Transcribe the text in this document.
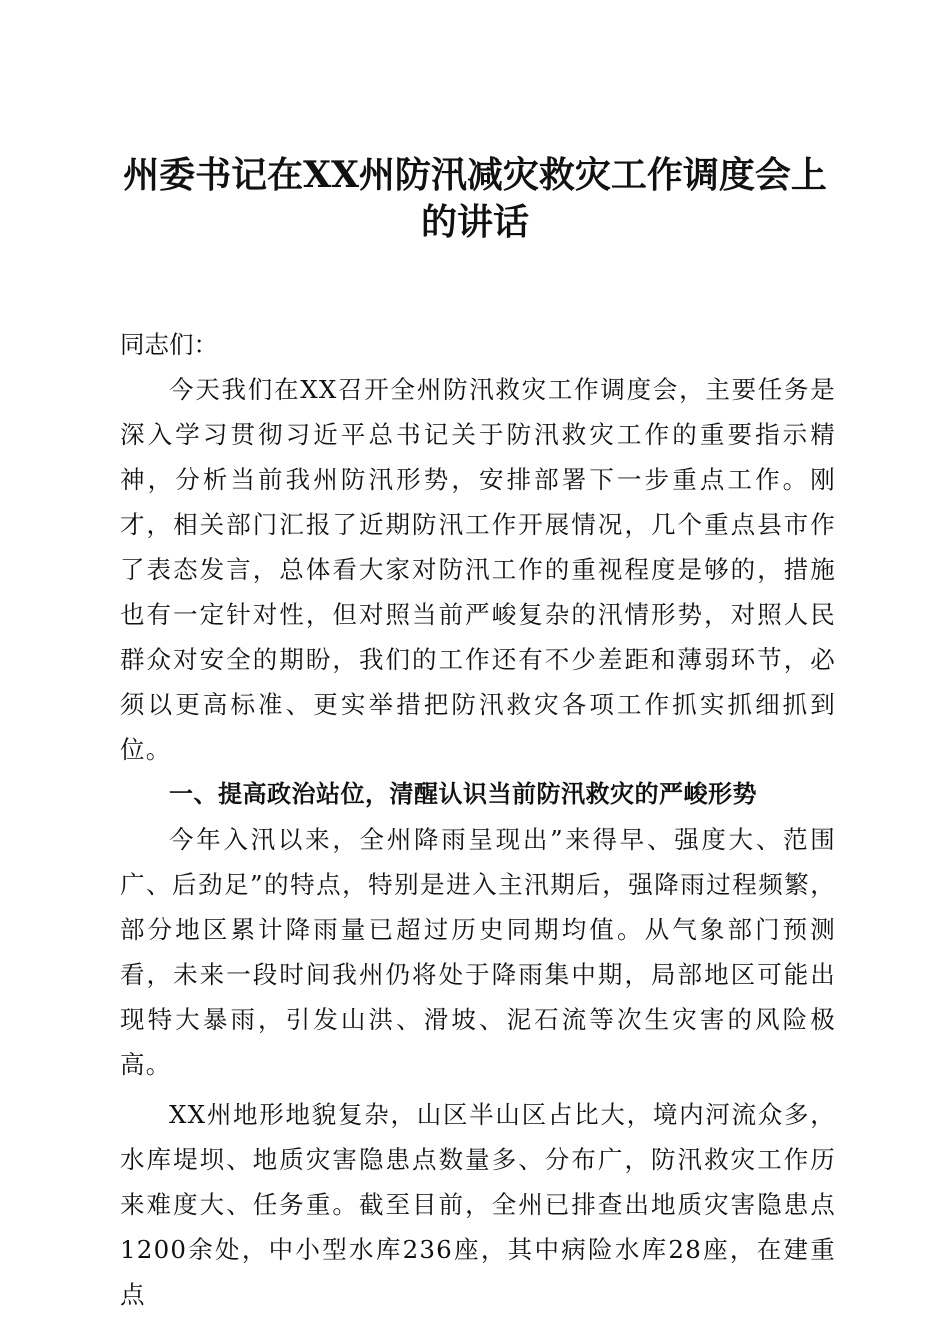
州委书记在XX州防汛减灾救灾工作调度会上的讲话

同志们：

今天我们在XX召开全州防汛救灾工作调度会，主要任务是深入学习贯彻习近平总书记关于防汛救灾工作的重要指示精神，分析当前我州防汛形势，安排部署下一步重点工作。刚才，相关部门汇报了近期防汛工作开展情况，几个重点县市作了表态发言，总体看大家对防汛工作的重视程度是够的，措施也有一定针对性，但对照当前严峻复杂的汛情形势，对照人民群众对安全的期盼，我们的工作还有不少差距和薄弱环节，必须以更高标准、更实举措把防汛救灾各项工作抓实抓细抓到位。

一、提高政治站位，清醒认识当前防汛救灾的严峻形势

今年入汛以来，全州降雨呈现出”来得早、强度大、范围广、后劲足”的特点，特别是进入主汛期后，强降雨过程频繁，部分地区累计降雨量已超过历史同期均值。从气象部门预测看，未来一段时间我州仍将处于降雨集中期，局部地区可能出现特大暴雨，引发山洪、滑坡、泥石流等次生灾害的风险极高。

XX州地形地貌复杂，山区半山区占比大，境内河流众多，水库堤坝、地质灾害隐患点数量多、分布广，防汛救灾工作历来难度大、任务重。截至目前，全州已排查出地质灾害隐患点1200余处，中小型水库236座，其中病险水库28座，在建重点
